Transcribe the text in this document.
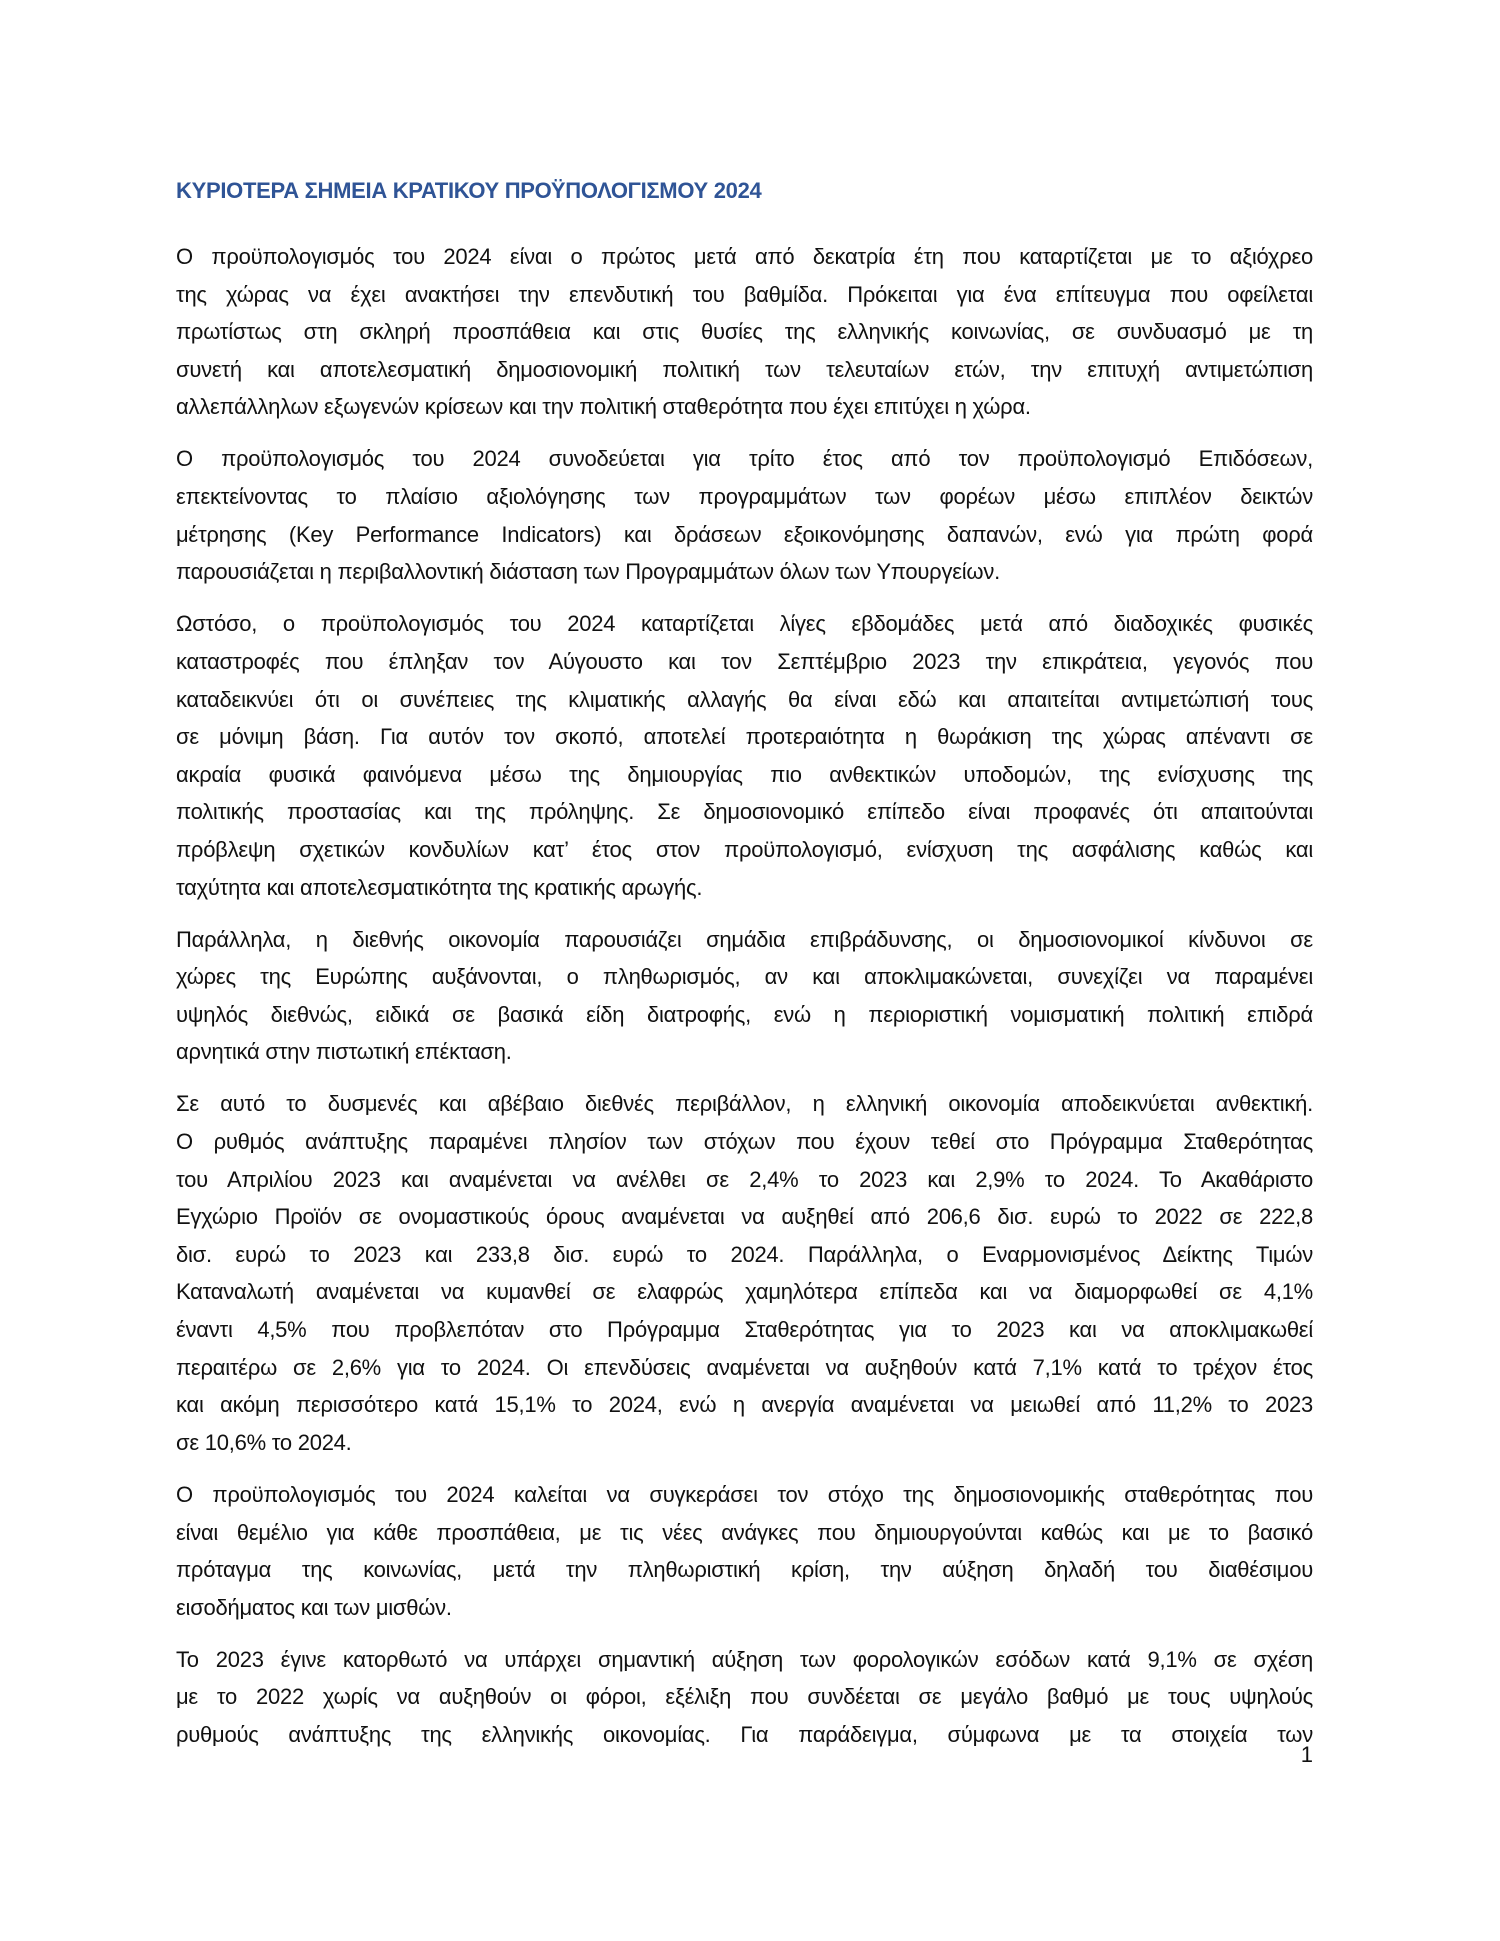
ΚΥΡΙΟΤΕΡΑ ΣΗΜΕΙΑ ΚΡΑΤΙΚΟΥ ΠΡΟΫΠΟΛΟΓΙΣΜΟΥ 2024
Ο προϋπολογισμός του 2024 είναι ο πρώτος μετά από δεκατρία έτη που καταρτίζεται με το αξιόχρεο
της χώρας να έχει ανακτήσει την επενδυτική του βαθμίδα. Πρόκειται για ένα επίτευγμα που οφείλεται
πρωτίστως στη σκληρή προσπάθεια και στις θυσίες της ελληνικής κοινωνίας, σε συνδυασμό με τη
συνετή και αποτελεσματική δημοσιονομική πολιτική των τελευταίων ετών, την επιτυχή αντιμετώπιση
αλλεπάλληλων εξωγενών κρίσεων και την πολιτική σταθερότητα που έχει επιτύχει η χώρα.
Ο προϋπολογισμός του 2024 συνοδεύεται για τρίτο έτος από τον προϋπολογισμό Επιδόσεων,
επεκτείνοντας το πλαίσιο αξιολόγησης των προγραμμάτων των φορέων μέσω επιπλέον δεικτών
μέτρησης (Key Performance Indicators) και δράσεων εξοικονόμησης δαπανών, ενώ για πρώτη φορά
παρουσιάζεται η περιβαλλοντική διάσταση των Προγραμμάτων όλων των Υπουργείων.
Ωστόσο, ο προϋπολογισμός του 2024 καταρτίζεται λίγες εβδομάδες μετά από διαδοχικές φυσικές
καταστροφές που έπληξαν τον Αύγουστο και τον Σεπτέμβριο 2023 την επικράτεια, γεγονός που
καταδεικνύει ότι οι συνέπειες της κλιματικής αλλαγής θα είναι εδώ και απαιτείται αντιμετώπισή τους
σε μόνιμη βάση. Για αυτόν τον σκοπό, αποτελεί προτεραιότητα η θωράκιση της χώρας απέναντι σε
ακραία φυσικά φαινόμενα μέσω της δημιουργίας πιο ανθεκτικών υποδομών, της ενίσχυσης της
πολιτικής προστασίας και της πρόληψης. Σε δημοσιονομικό επίπεδο είναι προφανές ότι απαιτούνται
πρόβλεψη σχετικών κονδυλίων κατ’ έτος στον προϋπολογισμό, ενίσχυση της ασφάλισης καθώς και
ταχύτητα και αποτελεσματικότητα της κρατικής αρωγής.
Παράλληλα, η διεθνής οικονομία παρουσιάζει σημάδια επιβράδυνσης, οι δημοσιονομικοί κίνδυνοι σε
χώρες της Ευρώπης αυξάνονται, ο πληθωρισμός, αν και αποκλιμακώνεται, συνεχίζει να παραμένει
υψηλός διεθνώς, ειδικά σε βασικά είδη διατροφής, ενώ η περιοριστική νομισματική πολιτική επιδρά
αρνητικά στην πιστωτική επέκταση.
Σε αυτό το δυσμενές και αβέβαιο διεθνές περιβάλλον, η ελληνική οικονομία αποδεικνύεται ανθεκτική.
Ο ρυθμός ανάπτυξης παραμένει πλησίον των στόχων που έχουν τεθεί στο Πρόγραμμα Σταθερότητας
του Απριλίου 2023 και αναμένεται να ανέλθει σε 2,4% το 2023 και 2,9% το 2024. Το Ακαθάριστο
Εγχώριο Προϊόν σε ονομαστικούς όρους αναμένεται να αυξηθεί από 206,6 δισ. ευρώ το 2022 σε 222,8
δισ. ευρώ το 2023 και 233,8 δισ. ευρώ το 2024. Παράλληλα, ο Εναρμονισμένος Δείκτης Τιμών
Καταναλωτή αναμένεται να κυμανθεί σε ελαφρώς χαμηλότερα επίπεδα και να διαμορφωθεί σε 4,1%
έναντι 4,5% που προβλεπόταν στο Πρόγραμμα Σταθερότητας για το 2023 και να αποκλιμακωθεί
περαιτέρω σε 2,6% για το 2024. Οι επενδύσεις αναμένεται να αυξηθούν κατά 7,1% κατά το τρέχον έτος
και ακόμη περισσότερο κατά 15,1% το 2024, ενώ η ανεργία αναμένεται να μειωθεί από 11,2% το 2023
σε 10,6% το 2024.
Ο προϋπολογισμός του 2024 καλείται να συγκεράσει τον στόχο της δημοσιονομικής σταθερότητας που
είναι θεμέλιο για κάθε προσπάθεια, με τις νέες ανάγκες που δημιουργούνται καθώς και με το βασικό
πρόταγμα της κοινωνίας, μετά την πληθωριστική κρίση, την αύξηση δηλαδή του διαθέσιμου
εισοδήματος και των μισθών.
Το 2023 έγινε κατορθωτό να υπάρχει σημαντική αύξηση των φορολογικών εσόδων κατά 9,1% σε σχέση
με το 2022 χωρίς να αυξηθούν οι φόροι, εξέλιξη που συνδέεται σε μεγάλο βαθμό με τους υψηλούς
ρυθμούς ανάπτυξης της ελληνικής οικονομίας. Για παράδειγμα, σύμφωνα με τα στοιχεία των
1
